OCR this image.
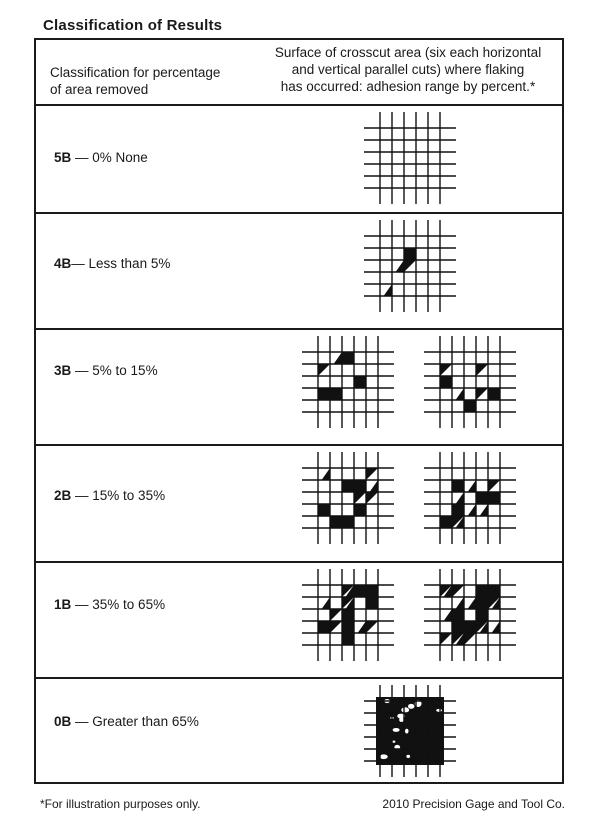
Classification of Results
Classification for percentage
of area removed
Surface of crosscut area (six each horizontal
and vertical parallel cuts) where flaking
has occurred: adhesion range by percent.*
5B — 0% None
4B— Less than 5%
3B — 5% to 15%
2B — 15% to 35%
1B — 35% to 65%
0B — Greater than 65%
*For illustration purposes only.	2010 Precision Gage and Tool Co.
